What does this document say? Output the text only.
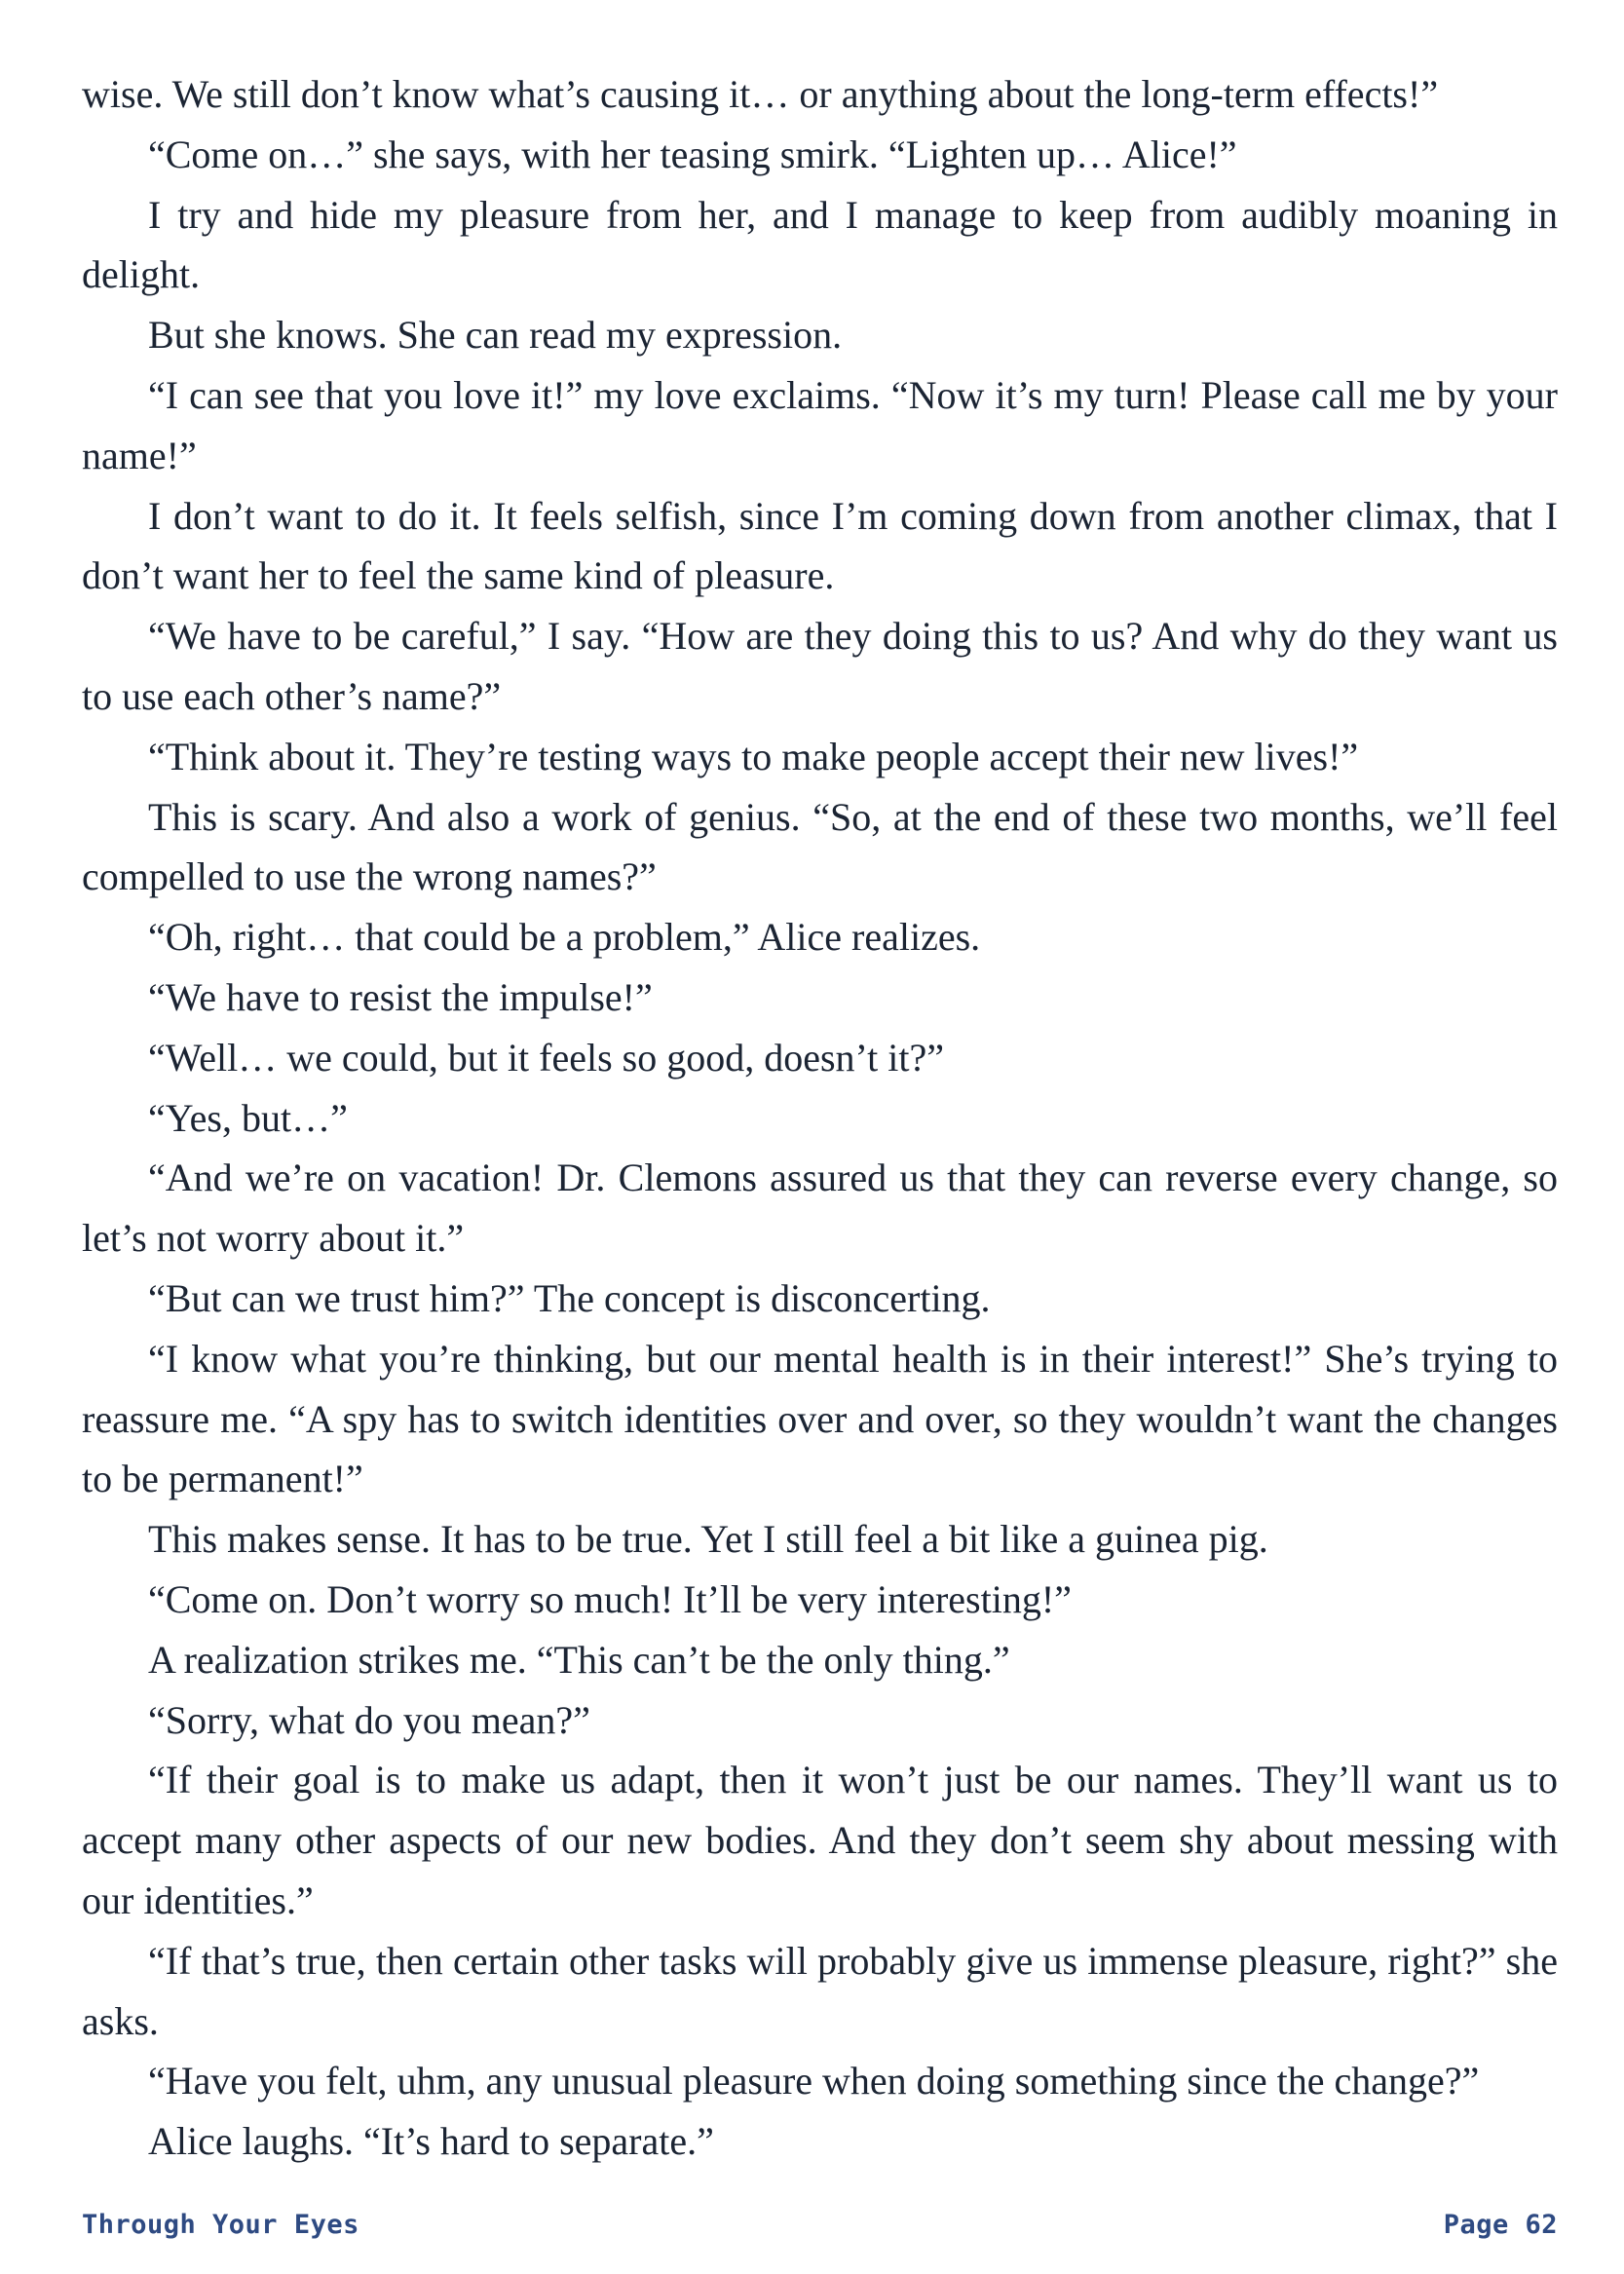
wise. We still don’t know what’s causing it… or anything about the long-term effects!”

“Come on…” she says, with her teasing smirk. “Lighten up… Alice!”

I try and hide my pleasure from her, and I manage to keep from audibly moaning in delight.

But she knows. She can read my expression.

“I can see that you love it!” my love exclaims. “Now it’s my turn! Please call me by your name!”

I don’t want to do it. It feels selfish, since I’m coming down from another climax, that I don’t want her to feel the same kind of pleasure.

“We have to be careful,” I say. “How are they doing this to us? And why do they want us to use each other’s name?”

“Think about it. They’re testing ways to make people accept their new lives!”

This is scary. And also a work of genius. “So, at the end of these two months, we’ll feel compelled to use the wrong names?”

“Oh, right… that could be a problem,” Alice realizes.

“We have to resist the impulse!”

“Well… we could, but it feels so good, doesn’t it?”

“Yes, but…”

“And we’re on vacation! Dr. Clemons assured us that they can reverse every change, so let’s not worry about it.”

“But can we trust him?” The concept is disconcerting.

“I know what you’re thinking, but our mental health is in their interest!” She’s trying to reassure me. “A spy has to switch identities over and over, so they wouldn’t want the changes to be permanent!”

This makes sense. It has to be true. Yet I still feel a bit like a guinea pig.

“Come on. Don’t worry so much! It’ll be very interesting!”

A realization strikes me. “This can’t be the only thing.”

“Sorry, what do you mean?”

“If their goal is to make us adapt, then it won’t just be our names. They’ll want us to accept many other aspects of our new bodies. And they don’t seem shy about messing with our identities.”

“If that’s true, then certain other tasks will probably give us immense pleasure, right?” she asks.

“Have you felt, uhm, any unusual pleasure when doing something since the change?”

Alice laughs. “It’s hard to separate.”

Through Your Eyes	Page 62
